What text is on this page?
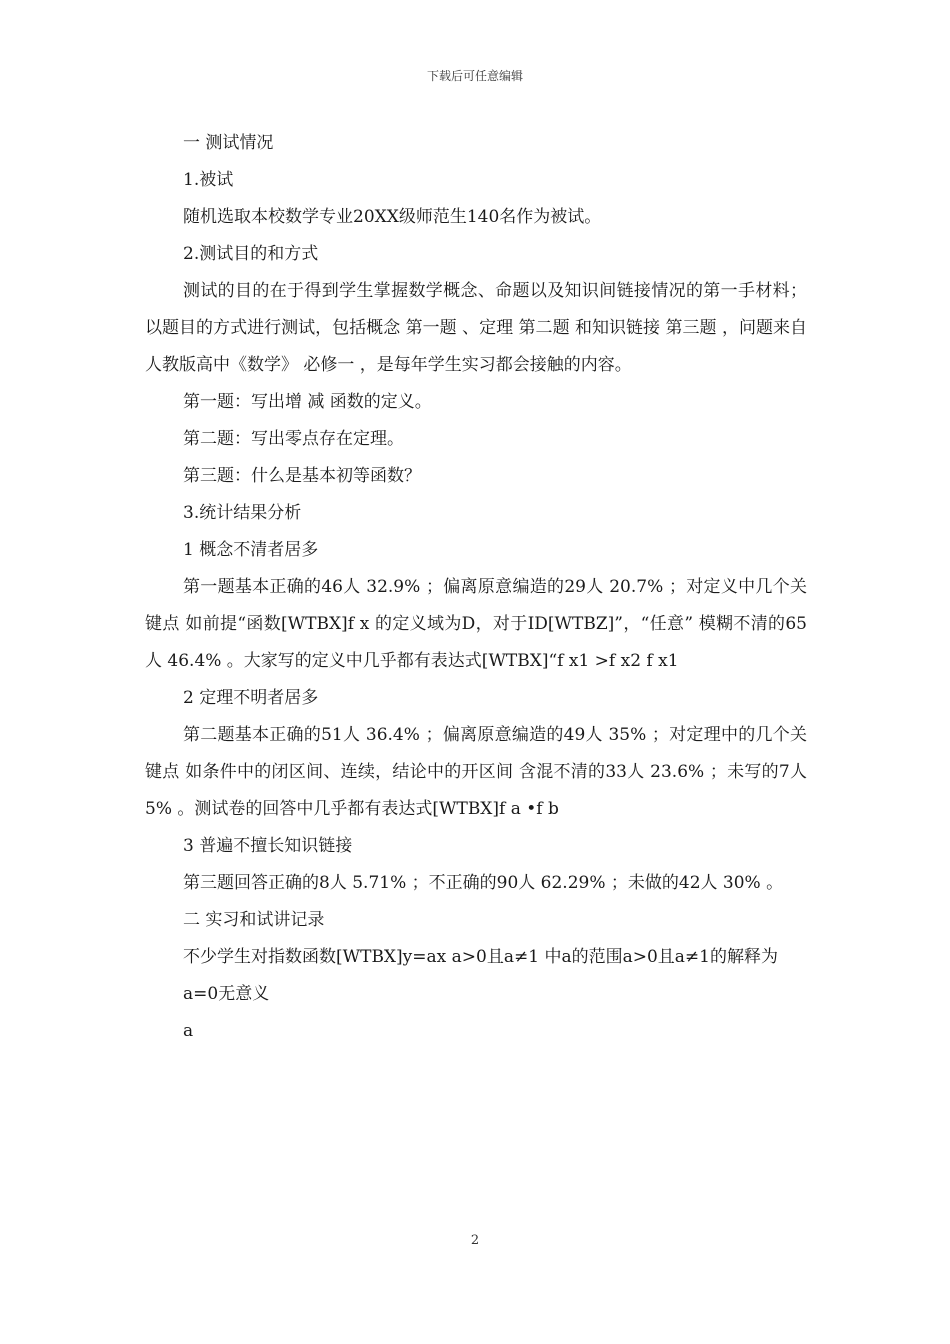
下载后可任意编辑

一 测试情况

1.被试

随机选取本校数学专业20XX级师范生140名作为被试。

2.测试目的和方式

测试的目的在于得到学生掌握数学概念、命题以及知识间链接情况的第一手材料；以题目的方式进行测试，包括概念 第一题 、定理 第二题 和知识链接 第三题 ，问题来自人教版高中《数学》 必修一 ，是每年学生实习都会接触的内容。

第一题：写出增 减 函数的定义。

第二题：写出零点存在定理。

第三题：什么是基本初等函数？

3.统计结果分析

1 概念不清者居多

第一题基本正确的46人 32.9% ；偏离原意编造的29人 20.7% ；对定义中几个关键点 如前提“函数[WTBX]f x 的定义域为D，对于ID[WTBZ]”，“任意” 模糊不清的65人 46.4% 。大家写的定义中几乎都有表达式[WTBX]“f x1 >f x2 f x1

2 定理不明者居多

第二题基本正确的51人 36.4% ；偏离原意编造的49人 35% ；对定理中的几个关键点 如条件中的闭区间、连续，结论中的开区间 含混不清的33人 23.6% ；未写的7人 5% 。测试卷的回答中几乎都有表达式[WTBX]f a •f b

3 普遍不擅长知识链接

第三题回答正确的8人 5.71% ；不正确的90人 62.29% ；未做的42人 30% 。

二 实习和试讲记录

不少学生对指数函数[WTBX]y=ax a>0且a≠1 中a的范围a>0且a≠1的解释为

a=0无意义

a

2
